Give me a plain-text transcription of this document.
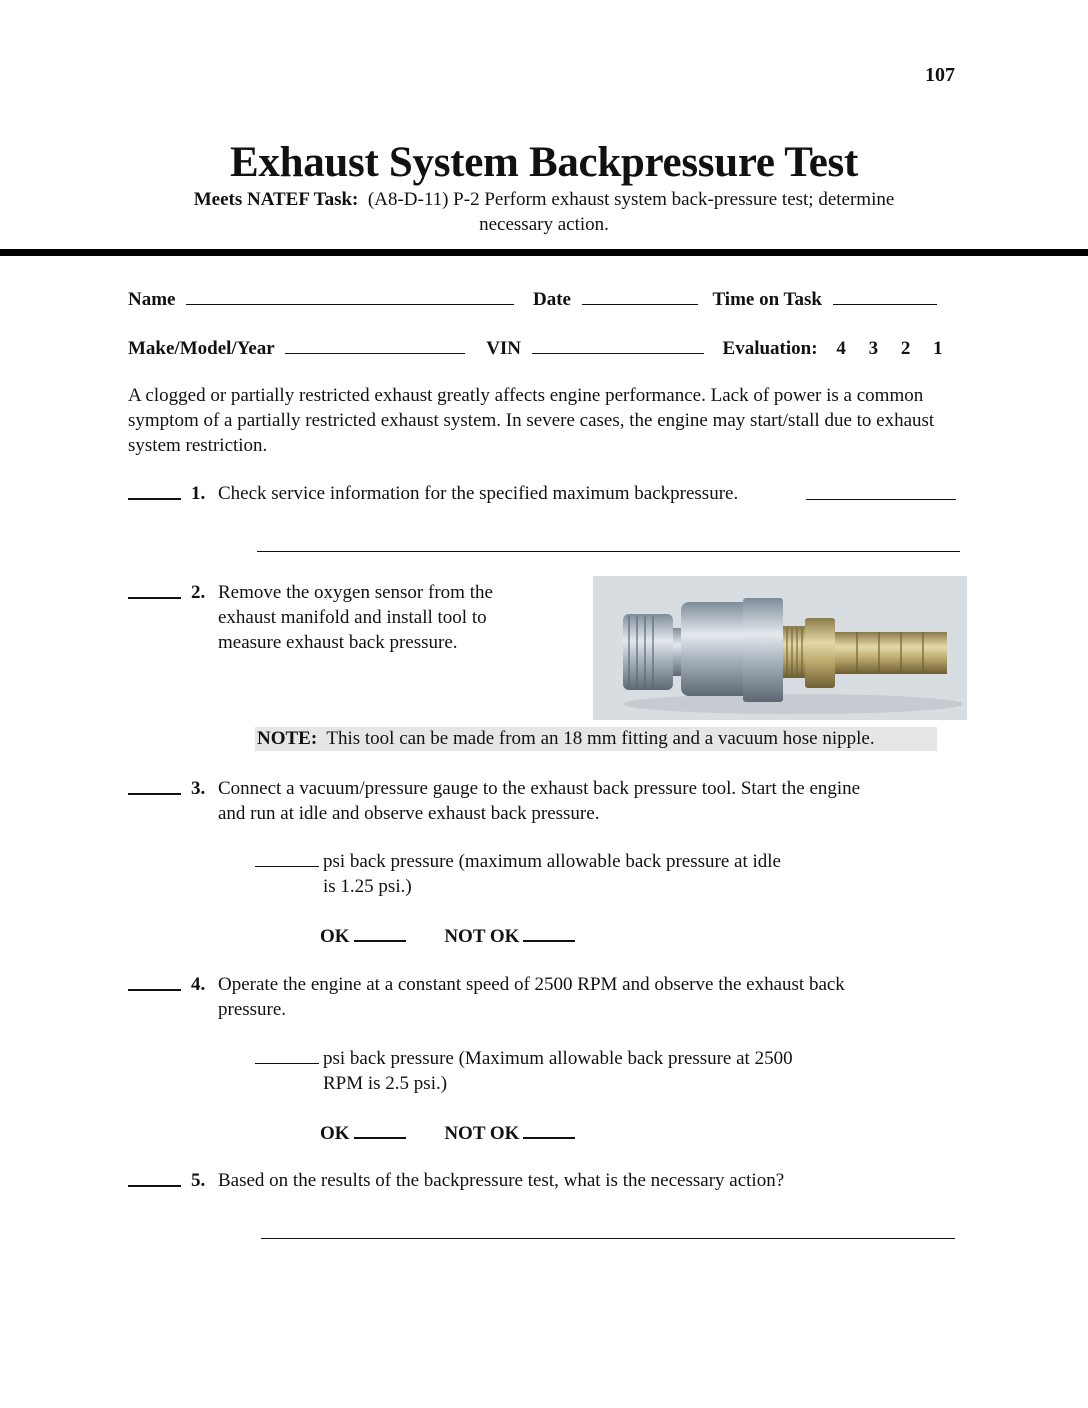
107
Exhaust System Backpressure Test
Meets NATEF Task: (A8-D-11) P-2 Perform exhaust system back-pressure test; determine
necessary action.
Name	Date	Time on Task
Make/Model/Year	VIN	Evaluation: 4 3 2 1
A clogged or partially restricted exhaust greatly affects engine performance. Lack of power is a common symptom of a partially restricted exhaust system. In severe cases, the engine may start/stall due to exhaust system restriction.
1. Check service information for the specified maximum backpressure.
2. Remove the oxygen sensor from the
exhaust manifold and install tool to
measure exhaust back pressure.
NOTE: This tool can be made from an 18 mm fitting and a vacuum hose nipple.
3. Connect a vacuum/pressure gauge to the exhaust back pressure tool. Start the engine
and run at idle and observe exhaust back pressure.
psi back pressure (maximum allowable back pressure at idle
is 1.25 psi.)
OK	NOT OK
4. Operate the engine at a constant speed of 2500 RPM and observe the exhaust back
pressure.
psi back pressure (Maximum allowable back pressure at 2500
RPM is 2.5 psi.)
OK	NOT OK
5. Based on the results of the backpressure test, what is the necessary action?
